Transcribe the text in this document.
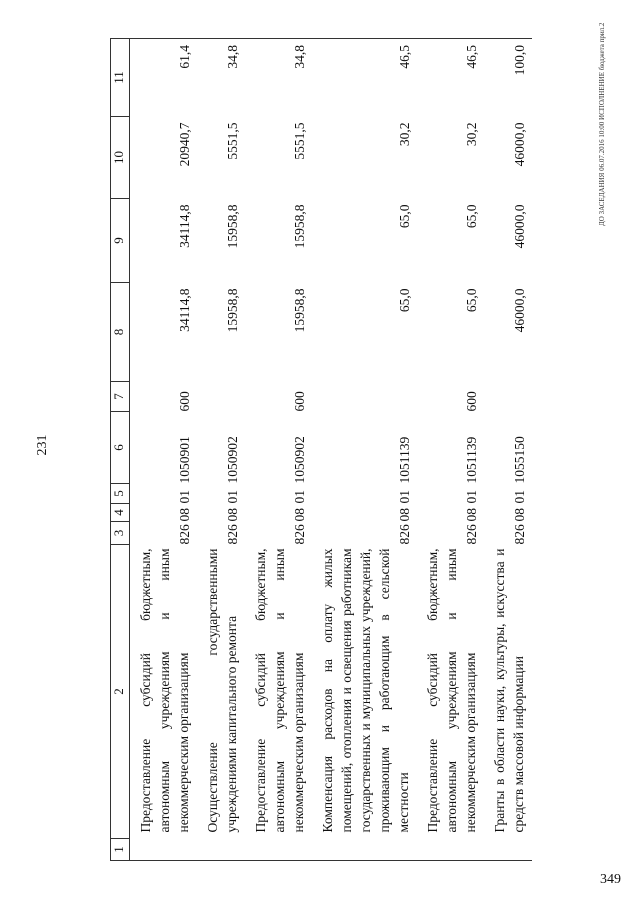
231
ДО ЗАСЕДАНИЯ 06.07.2016 10:00 ИСПОЛНЕНИЕ бюджета прил.2
349
1	2	3	4	5	6	7	8	9	10	11
	Предоставление субсидий бюджетным, автономным учреждениям и иным некоммерческим организациям	826	08	01	1050901	600	34114,8	34114,8	20940,7	61,4
	Осуществление государственными учреждениями капитального ремонта	826	08	01	1050902		15958,8	15958,8	5551,5	34,8
	Предоставление субсидий бюджетным, автономным учреждениям и иным некоммерческим организациям	826	08	01	1050902	600	15958,8	15958,8	5551,5	34,8
	Компенсация расходов на оплату жилых помещений, отопления и освещения работникам государственных и муниципальных учреждений, проживающим и работающим в сельской местности	826	08	01	1051139		65,0	65,0	30,2	46,5
	Предоставление субсидий бюджетным, автономным учреждениям и иным некоммерческим организациям	826	08	01	1051139	600	65,0	65,0	30,2	46,5
	Гранты в области науки, культуры, искусства и средств массовой информации	826	08	01	1055150		46000,0	46000,0	46000,0	100,0
